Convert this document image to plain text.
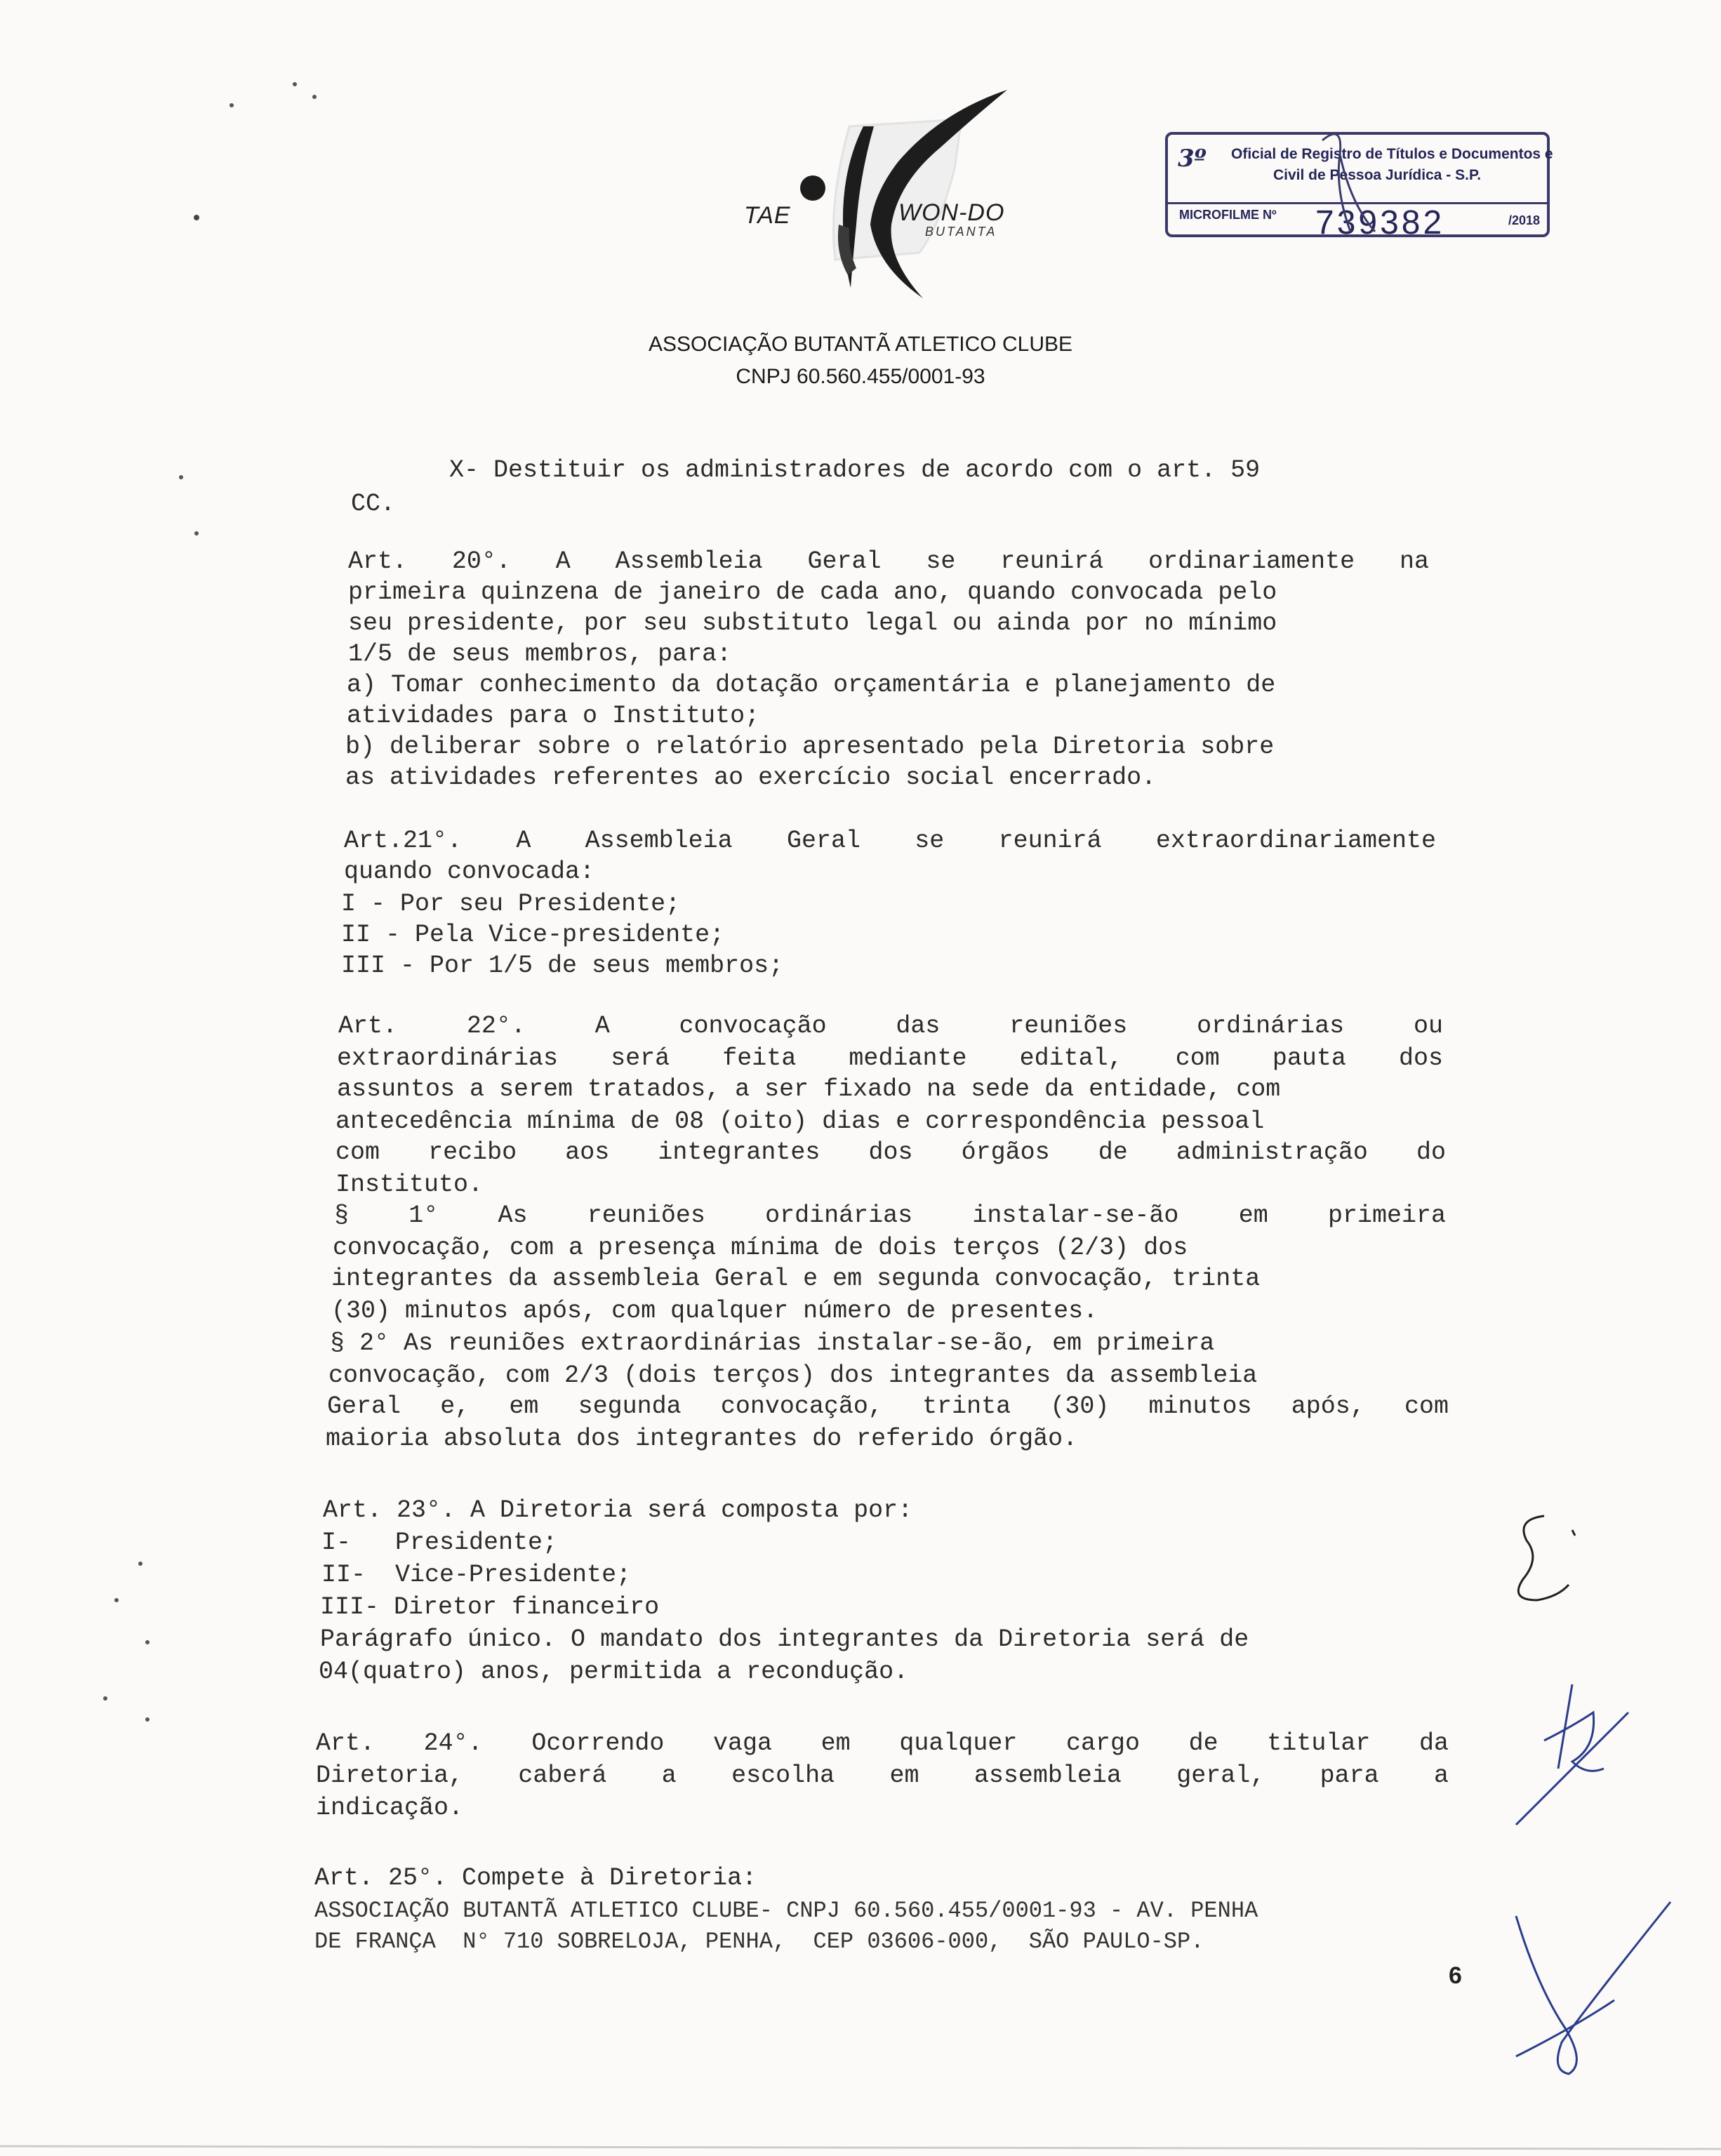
TAE	WON-DO
BUTANTA
3º Oficial de Registro de Títulos e Documentos e
Civil de Pessoa Jurídica - S.P.
MICROFILME Nº 739382	/2018
ASSOCIAÇÃO BUTANTÃ ATLETICO CLUBE
CNPJ 60.560.455/0001-93
X- Destituir os administradores de acordo com o art. 59
CC.
Art. 20°. A Assembleia Geral se reunirá ordinariamente na
primeira quinzena de janeiro de cada ano, quando convocada pelo
seu presidente, por seu substituto legal ou ainda por no mínimo
1/5 de seus membros, para:
a) Tomar conhecimento da dotação orçamentária e planejamento de
atividades para o Instituto;
b) deliberar sobre o relatório apresentado pela Diretoria sobre
as atividades referentes ao exercício social encerrado.
Art.21°. A Assembleia Geral se reunirá extraordinariamente
quando convocada:
I - Por seu Presidente;
II - Pela Vice-presidente;
III - Por 1/5 de seus membros;
Art. 22°. A convocação das reuniões ordinárias ou
extraordinárias será feita mediante edital, com pauta dos
assuntos a serem tratados, a ser fixado na sede da entidade, com
antecedência mínima de 08 (oito) dias e correspondência pessoal
com recibo aos integrantes dos órgãos de administração do
Instituto.
§ 1° As reuniões ordinárias instalar-se-ão em primeira
convocação, com a presença mínima de dois terços (2/3) dos
integrantes da assembleia Geral e em segunda convocação, trinta
(30) minutos após, com qualquer número de presentes.
§ 2° As reuniões extraordinárias instalar-se-ão, em primeira
convocação, com 2/3 (dois terços) dos integrantes da assembleia
Geral e, em segunda convocação, trinta (30) minutos após, com
maioria absoluta dos integrantes do referido órgão.
Art. 23°. A Diretoria será composta por:
I-   Presidente;
II-  Vice-Presidente;
III- Diretor financeiro
Parágrafo único. O mandato dos integrantes da Diretoria será de
04(quatro) anos, permitida a recondução.
Art. 24°. Ocorrendo vaga em qualquer cargo de titular da
Diretoria, caberá a escolha em assembleia geral, para a
indicação.
Art. 25°. Compete à Diretoria:
ASSOCIAÇÃO BUTANTÃ ATLETICO CLUBE- CNPJ 60.560.455/0001-93 - AV. PENHA
DE FRANÇA  N° 710 SOBRELOJA, PENHA,  CEP 03606-000,  SÃO PAULO-SP.
6
